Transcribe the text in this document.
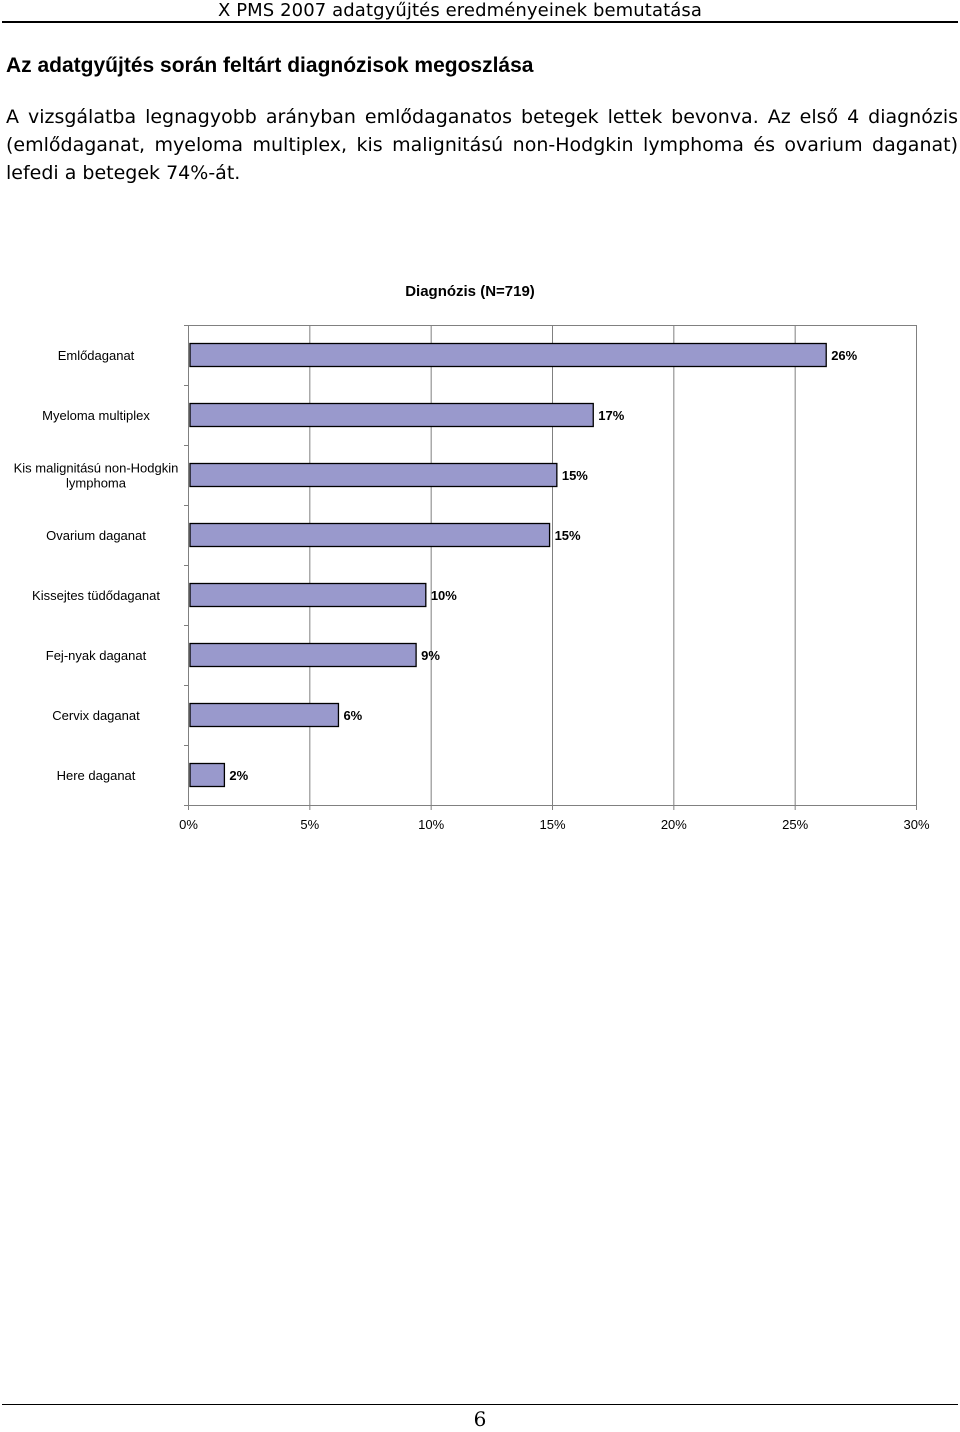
X PMS 2007 adatgyűjtés eredményeinek bemutatása
Az adatgyűjtés során feltárt diagnózisok megoszlása

A vizsgálatba legnagyobb arányban emlődaganatos betegek lettek bevonva. Az első 4 diagnózis (emlődaganat, myeloma multiplex, kis malignitású non-Hodgkin lymphoma és ovarium daganat) lefedi a betegek 74%-át.

Diagnózis (N=719)
26%
17%
15%
15%
10%
9%
6%
2%
Emlődaganat
Myeloma multiplex
Kis malignitású non-Hodgkin lymphoma
Ovarium daganat
Kissejtes tüdődaganat
Fej-nyak daganat
Cervix daganat
Here daganat
0%	5%	10%	15%	20%	25%	30%
6
